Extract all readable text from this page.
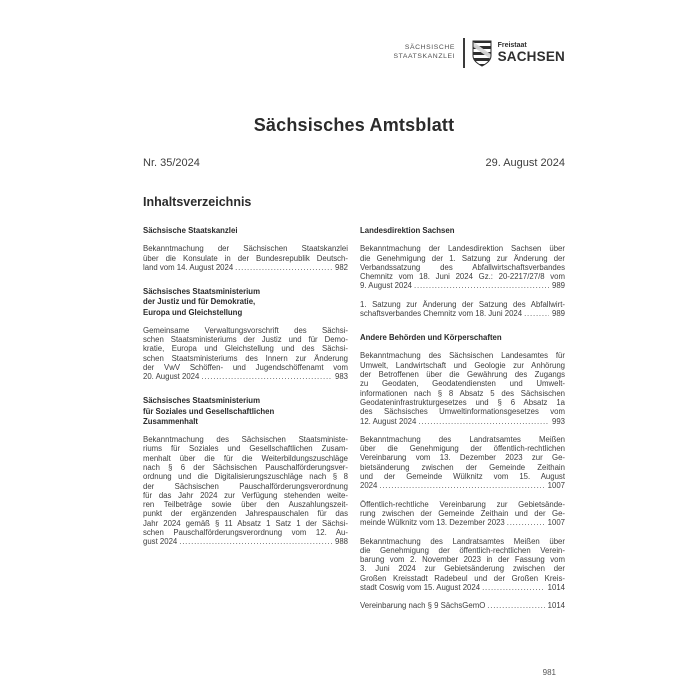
SÄCHSISCHE
STAATSKANZLEI
Freistaat
SACHSEN
Sächsisches Amtsblatt
Nr. 35/2024	29. August 2024
Inhaltsverzeichnis
Sächsische Staatskanzlei
Bekanntmachung der Sächsischen Staatskanzlei
über die Konsulate in der Bundesrepublik Deutsch-
land vom 14. August 2024 .....	982
Sächsisches Staatsministerium
der Justiz und für Demokratie,
Europa und Gleichstellung
Gemeinsame Verwaltungsvorschrift des Sächsi-
schen Staatsministeriums der Justiz und für Demo-
kratie, Europa und Gleichstellung und des Sächsi-
schen Staatsministeriums des Innern zur Änderung
der VwV Schöffen- und Jugendschöffenamt vom
20. August 2024 .....	983
Sächsisches Staatsministerium
für Soziales und Gesellschaftlichen
Zusammenhalt
Bekanntmachung des Sächsischen Staatsministe-
riums für Soziales und Gesellschaftlichen Zusam-
menhalt über die für die Weiterbildungszuschläge
nach § 6 der Sächsischen Pauschalförderungsver-
ordnung und die Digitalisierungszuschläge nach § 8
der Sächsischen Pauschalförderungsverordnung
für das Jahr 2024 zur Verfügung stehenden weite-
ren Teilbeträge sowie über den Auszahlungszeit-
punkt der ergänzenden Jahrespauschalen für das
Jahr 2024 gemäß § 11 Absatz 1 Satz 1 der Sächsi-
schen Pauschalförderungsverordnung vom 12. Au-
gust 2024 .....	988
Landesdirektion Sachsen
Bekanntmachung der Landesdirektion Sachsen über
die Genehmigung der 1. Satzung zur Änderung der
Verbandssatzung des Abfallwirtschaftsverbandes
Chemnitz vom 18. Juni 2024 Gz.: 20-2217/27/8 vom
9. August 2024 .....	989
1. Satzung zur Änderung der Satzung des Abfallwirt-
schaftsverbandes Chemnitz vom 18. Juni 2024 .....	989
Andere Behörden und Körperschaften
Bekanntmachung des Sächsischen Landesamtes für
Umwelt, Landwirtschaft und Geologie zur Anhörung
der Betroffenen über die Gewährung des Zugangs
zu Geodaten, Geodatendiensten und Umwelt-
informationen nach § 8 Absatz 5 des Sächsischen
Geodateninfrastrukturgesetzes und § 6 Absatz 1a
des Sächsisches Umweltinformationsgesetzes vom
12. August 2024 .....	993
Bekanntmachung des Landratsamtes Meißen
über die Genehmigung der öffentlich-rechtlichen
Vereinbarung vom 13. Dezember 2023 zur Ge-
bietsänderung zwischen der Gemeinde Zeithain
und der Gemeinde Wülknitz vom 15. August
2024 .....	1007
Öffentlich-rechtliche Vereinbarung zur Gebietsände-
rung zwischen der Gemeinde Zeithain und der Ge-
meinde Wülknitz vom 13. Dezember 2023 .....	1007
Bekanntmachung des Landratsamtes Meißen über
die Genehmigung der öffentlich-rechtlichen Verein-
barung vom 2. November 2023 in der Fassung vom
3. Juni 2024 zur Gebietsänderung zwischen der
Großen Kreisstadt Radebeul und der Großen Kreis-
stadt Coswig vom 15. August 2024 .....	1014
Vereinbarung nach § 9 SächsGemO .....	1014
981
